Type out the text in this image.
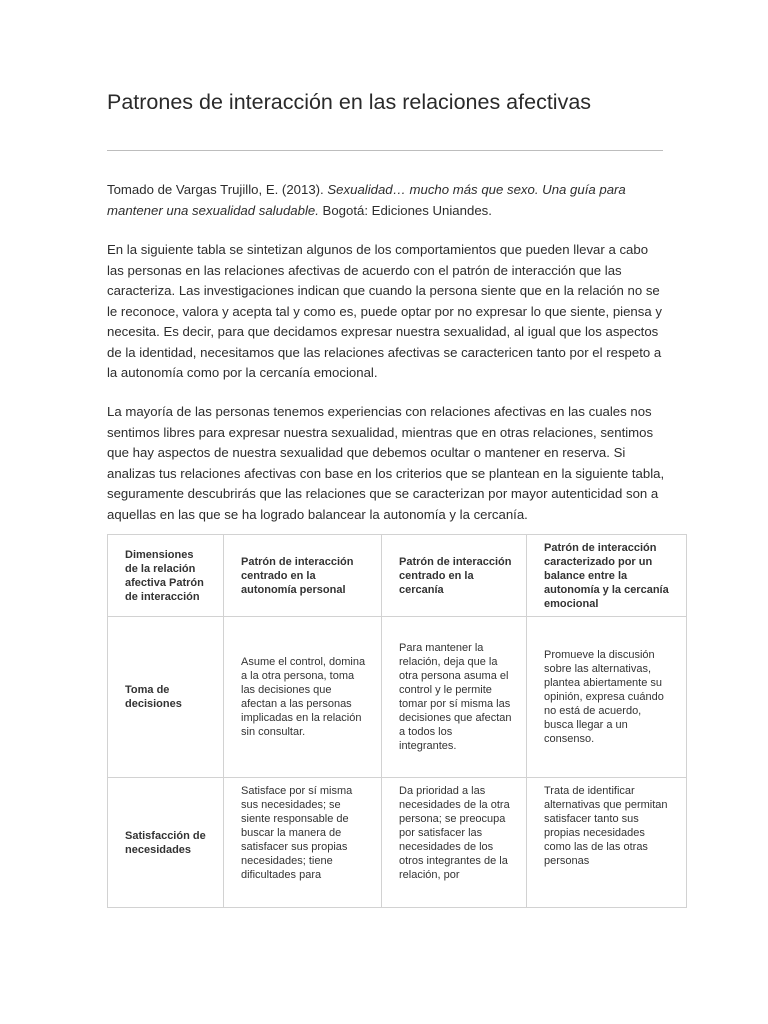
Patrones de interacción en las relaciones afectivas

Tomado de Vargas Trujillo, E. (2013). Sexualidad… mucho más que sexo. Una guía para mantener una sexualidad saludable. Bogotá: Ediciones Uniandes.

En la siguiente tabla se sintetizan algunos de los comportamientos que pueden llevar a cabo las personas en las relaciones afectivas de acuerdo con el patrón de interacción que las caracteriza. Las investigaciones indican que cuando la persona siente que en la relación no se le reconoce, valora y acepta tal y como es, puede optar por no expresar lo que siente, piensa y necesita. Es decir, para que decidamos expresar nuestra sexualidad, al igual que los aspectos de la identidad, necesitamos que las relaciones afectivas se caractericen tanto por el respeto a la autonomía como por la cercanía emocional.

La mayoría de las personas tenemos experiencias con relaciones afectivas en las cuales nos sentimos libres para expresar nuestra sexualidad, mientras que en otras relaciones, sentimos que hay aspectos de nuestra sexualidad que debemos ocultar o mantener en reserva. Si analizas tus relaciones afectivas con base en los criterios que se plantean en la siguiente tabla, seguramente descubrirás que las relaciones que se caracterizan por mayor autenticidad son a aquellas en las que se ha logrado balancear la autonomía y la cercanía.

Dimensiones de la relación afectiva Patrón de interacción	Patrón de interacción centrado en la autonomía personal	Patrón de interacción centrado en la cercanía	Patrón de interacción caracterizado por un balance entre la autonomía y la cercanía emocional
Toma de decisiones	Asume el control, domina a la otra persona, toma las decisiones que afectan a las personas implicadas en la relación sin consultar.	Para mantener la relación, deja que la otra persona asuma el control y le permite tomar por sí misma las decisiones que afectan a todos los integrantes.	Promueve la discusión sobre las alternativas, plantea abiertamente su opinión, expresa cuándo no está de acuerdo, busca llegar a un consenso.
Satisfacción de necesidades	Satisface por sí misma sus necesidades; se siente responsable de buscar la manera de satisfacer sus propias necesidades; tiene dificultades para	Da prioridad a las necesidades de la otra persona; se preocupa por satisfacer las necesidades de los otros integrantes de la relación, por	Trata de identificar alternativas que permitan satisfacer tanto sus propias necesidades como las de las otras personas
